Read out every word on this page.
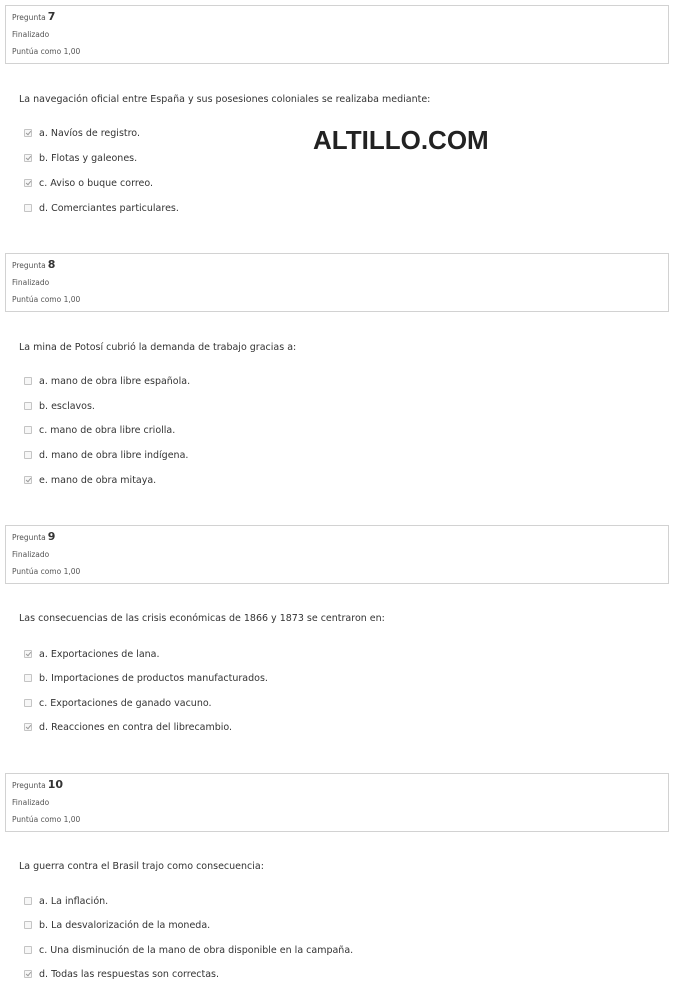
ALTILLO.COM
Pregunta 7
Finalizado
Puntúa como 1,00
La navegación oficial entre España y sus posesiones coloniales se realizaba mediante:
a. Navíos de registro.
b. Flotas y galeones.
c. Aviso o buque correo.
d. Comerciantes particulares.
Pregunta 8
Finalizado
Puntúa como 1,00
La mina de Potosí cubrió la demanda de trabajo gracias a:
a. mano de obra libre española.
b. esclavos.
c. mano de obra libre criolla.
d. mano de obra libre indígena.
e. mano de obra mitaya.
Pregunta 9
Finalizado
Puntúa como 1,00
Las consecuencias de las crisis económicas de 1866 y 1873 se centraron en:
a. Exportaciones de lana.
b. Importaciones de productos manufacturados.
c. Exportaciones de ganado vacuno.
d. Reacciones en contra del librecambio.
Pregunta 10
Finalizado
Puntúa como 1,00
La guerra contra el Brasil trajo como consecuencia:
a. La inflación.
b. La desvalorización de la moneda.
c. Una disminución de la mano de obra disponible en la campaña.
d. Todas las respuestas son correctas.
